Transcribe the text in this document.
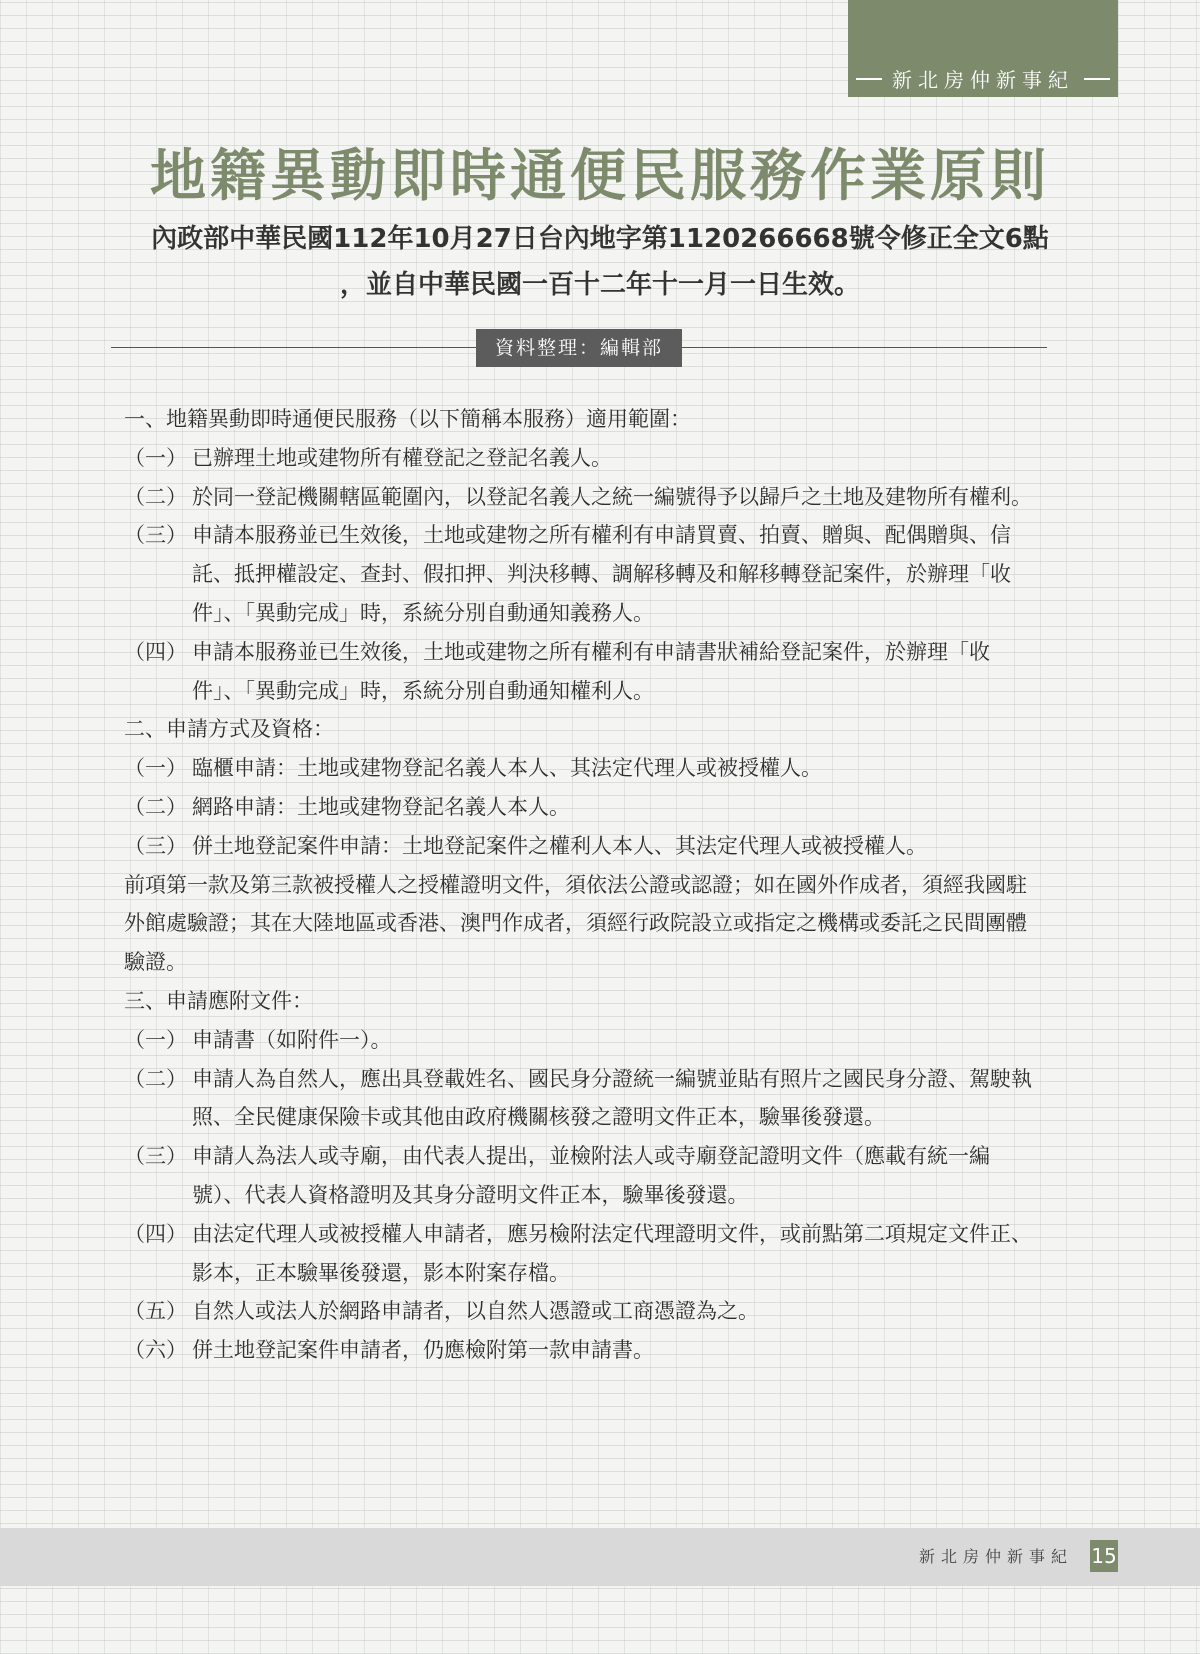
新北房仲新事紀
地籍異動即時通便民服務作業原則
內政部中華民國112年10月27日台內地字第1120266668號令修正全文6點
，並自中華民國一百十二年十一月一日生效。
資料整理：編輯部

一、地籍異動即時通便民服務（以下簡稱本服務）適用範圍：

（一） 已辦理土地或建物所有權登記之登記名義人。
（二） 於同一登記機關轄區範圍內，以登記名義人之統一編號得予以歸戶之土地及建物所有權利。
（三） 申請本服務並已生效後，土地或建物之所有權利有申請買賣、拍賣、贈與、配偶贈與、信託、抵押權設定、查封、假扣押、判決移轉、調解移轉及和解移轉登記案件，於辦理「收件」、「異動完成」時，系統分別自動通知義務人。
（四） 申請本服務並已生效後，土地或建物之所有權利有申請書狀補給登記案件，於辦理「收件」、「異動完成」時，系統分別自動通知權利人。

二、申請方式及資格：

（一） 臨櫃申請：土地或建物登記名義人本人、其法定代理人或被授權人。
（二） 網路申請：土地或建物登記名義人本人。
（三） 併土地登記案件申請：土地登記案件之權利人本人、其法定代理人或被授權人。

前項第一款及第三款被授權人之授權證明文件，須依法公證或認證；如在國外作成者，須經我國駐外館處驗證；其在大陸地區或香港、澳門作成者，須經行政院設立或指定之機構或委託之民間團體驗證。

三、申請應附文件：

（一） 申請書（如附件一）。
（二） 申請人為自然人，應出具登載姓名、國民身分證統一編號並貼有照片之國民身分證、駕駛執照、全民健康保險卡或其他由政府機關核發之證明文件正本，驗畢後發還。
（三） 申請人為法人或寺廟，由代表人提出，並檢附法人或寺廟登記證明文件（應載有統一編號）、代表人資格證明及其身分證明文件正本，驗畢後發還。
（四） 由法定代理人或被授權人申請者，應另檢附法定代理證明文件，或前點第二項規定文件正、影本，正本驗畢後發還，影本附案存檔。
（五） 自然人或法人於網路申請者，以自然人憑證或工商憑證為之。
（六） 併土地登記案件申請者，仍應檢附第一款申請書。
新北房仲新事紀 15
